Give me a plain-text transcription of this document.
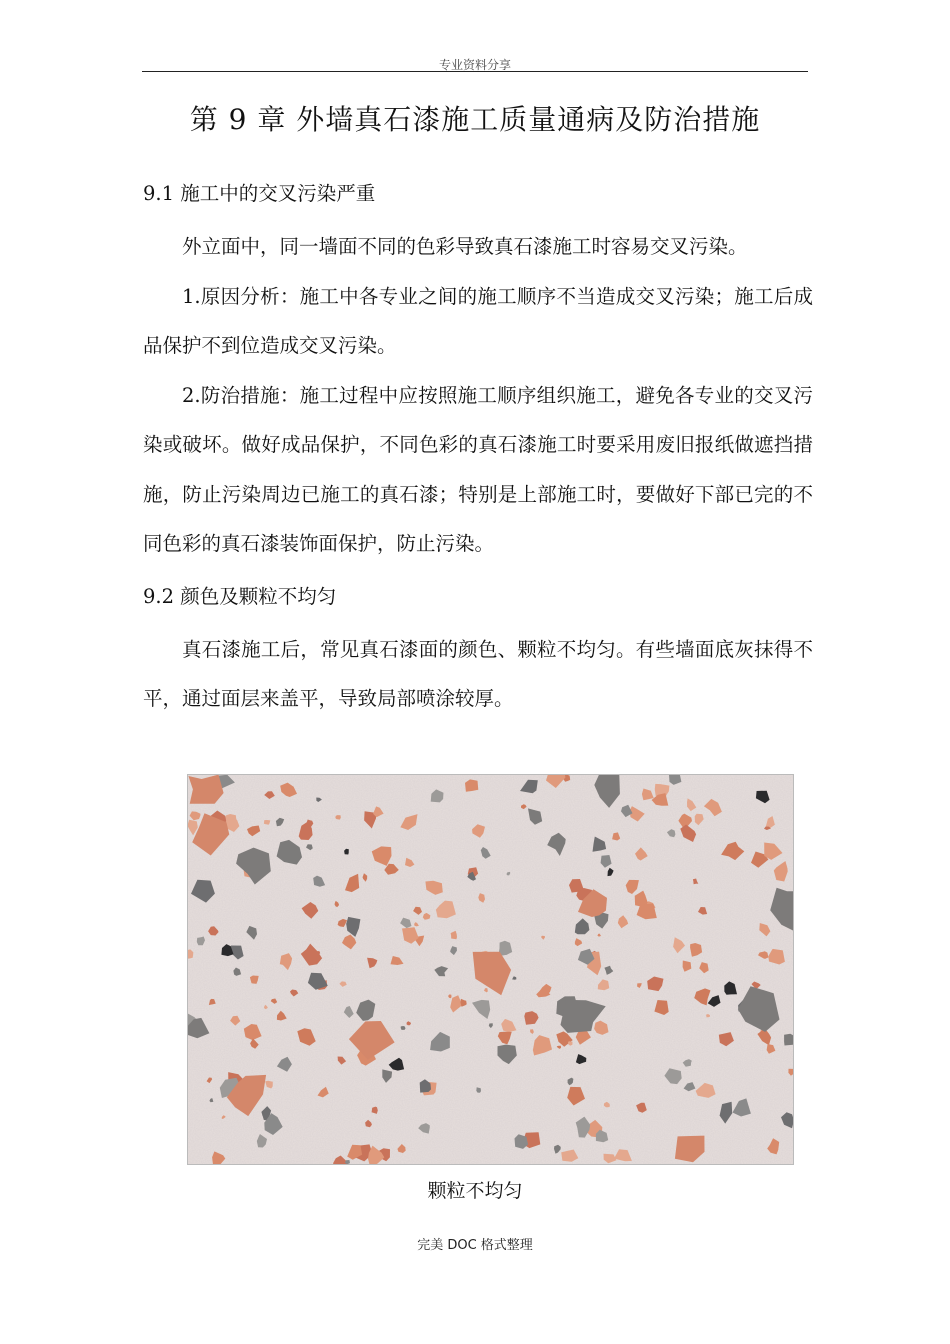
专业资料分享
第 9 章 外墙真石漆施工质量通病及防治措施

9.1 施工中的交叉污染严重

外立面中，同一墙面不同的色彩导致真石漆施工时容易交叉污染。

1.原因分析：施工中各专业之间的施工顺序不当造成交叉污染；施工后成品保护不到位造成交叉污染。

2.防治措施：施工过程中应按照施工顺序组织施工，避免各专业的交叉污染或破坏。做好成品保护，不同色彩的真石漆施工时要采用废旧报纸做遮挡措施，防止污染周边已施工的真石漆；特别是上部施工时，要做好下部已完的不同色彩的真石漆装饰面保护，防止污染。

9.2 颜色及颗粒不均匀

真石漆施工后，常见真石漆面的颜色、颗粒不均匀。有些墙面底灰抹得不平，通过面层来盖平，导致局部喷涂较厚。

颗粒不均匀
完美 DOC 格式整理
